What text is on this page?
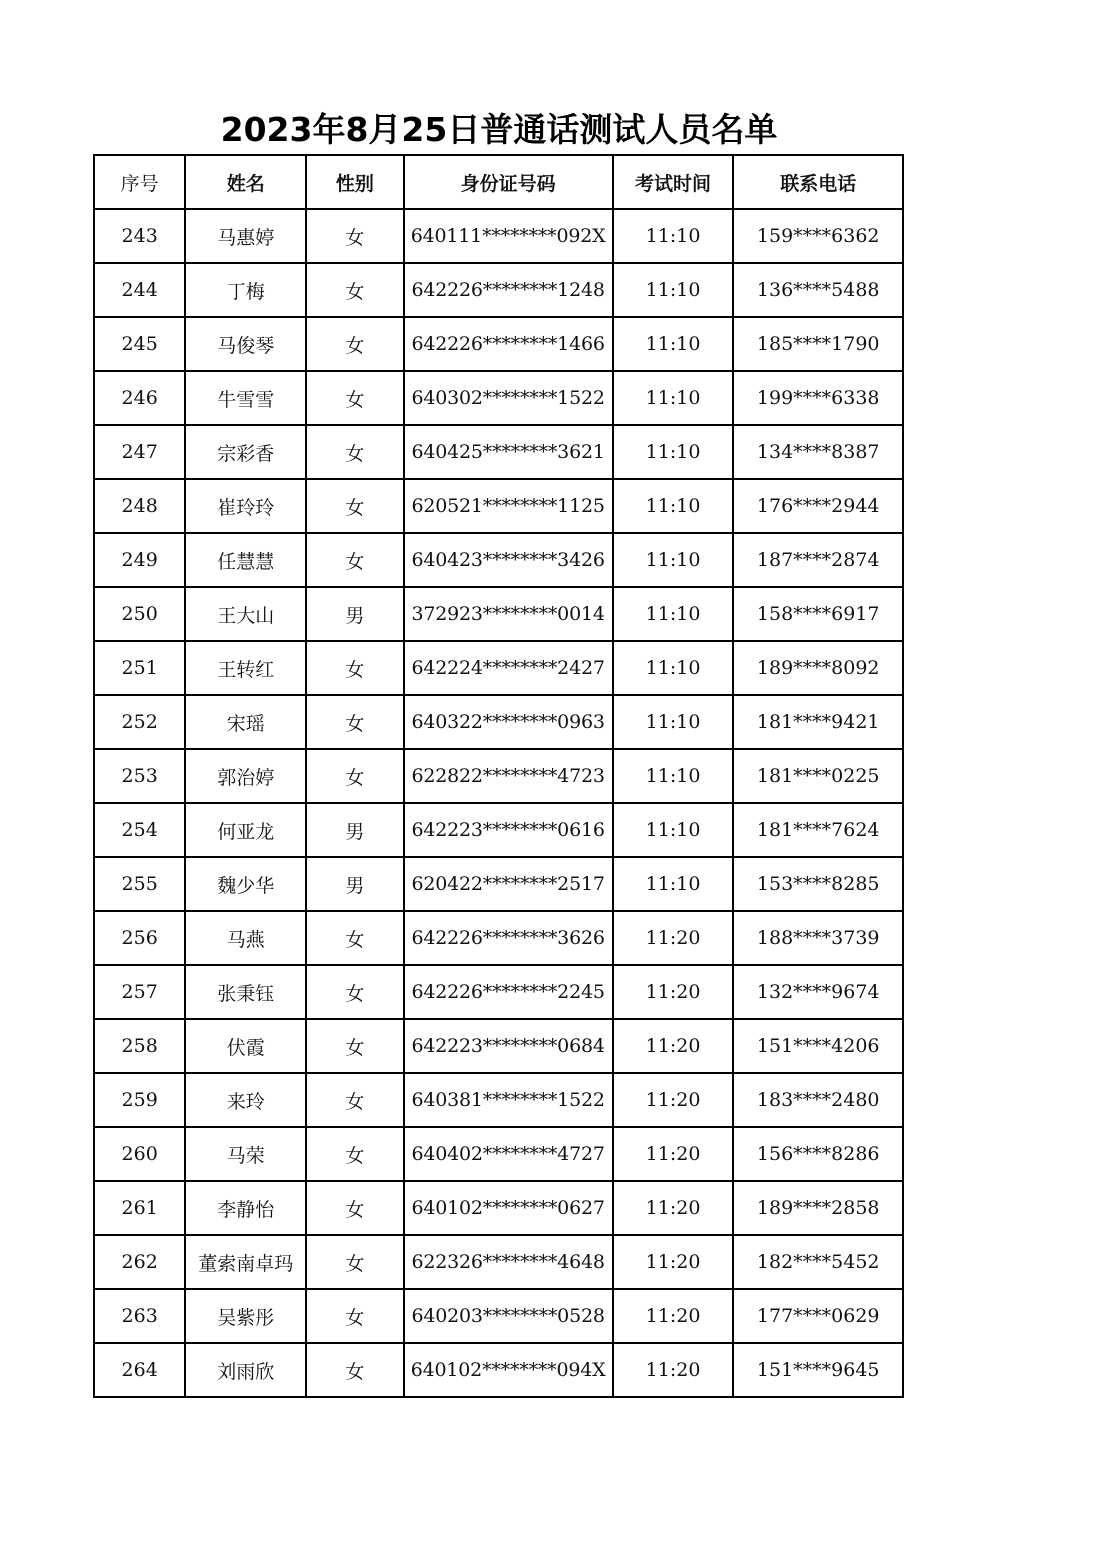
2023年8月25日普通话测试人员名单
序号	姓名	性别	身份证号码	考试时间	联系电话
243	马惠婷	女	640111********092X	11:10	159****6362
244	丁梅	女	642226********1248	11:10	136****5488
245	马俊琴	女	642226********1466	11:10	185****1790
246	牛雪雪	女	640302********1522	11:10	199****6338
247	宗彩香	女	640425********3621	11:10	134****8387
248	崔玲玲	女	620521********1125	11:10	176****2944
249	任慧慧	女	640423********3426	11:10	187****2874
250	王大山	男	372923********0014	11:10	158****6917
251	王转红	女	642224********2427	11:10	189****8092
252	宋瑶	女	640322********0963	11:10	181****9421
253	郭治婷	女	622822********4723	11:10	181****0225
254	何亚龙	男	642223********0616	11:10	181****7624
255	魏少华	男	620422********2517	11:10	153****8285
256	马燕	女	642226********3626	11:20	188****3739
257	张秉钰	女	642226********2245	11:20	132****9674
258	伏霞	女	642223********0684	11:20	151****4206
259	来玲	女	640381********1522	11:20	183****2480
260	马荣	女	640402********4727	11:20	156****8286
261	李静怡	女	640102********0627	11:20	189****2858
262	董索南卓玛	女	622326********4648	11:20	182****5452
263	吴紫彤	女	640203********0528	11:20	177****0629
264	刘雨欣	女	640102********094X	11:20	151****9645
